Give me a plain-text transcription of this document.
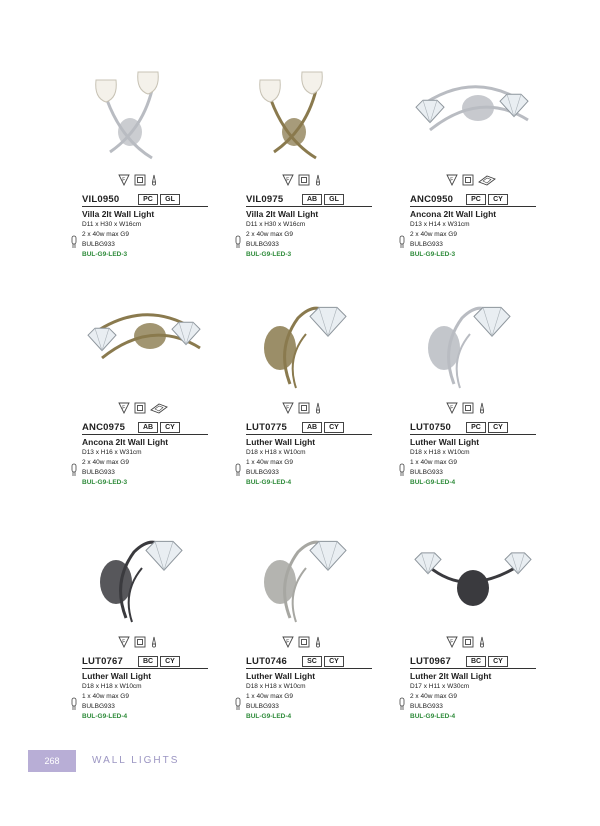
F
VIL0950	PC	GL
Villa 2lt Wall Light
D11 x H30 x W16cm
2 x 40w max G9
BULBG933
BUL-G9-LED-3
F
VIL0975	AB	GL
Villa 2lt Wall Light
D11 x H30 x W16cm
2 x 40w max G9
BULBG933
BUL-G9-LED-3
F
ANC0950	PC	CY
Ancona 2lt Wall Light
D13 x H14 x W31cm
2 x 40w max G9
BULBG933
BUL-G9-LED-3
F
ANC0975	AB	CY
Ancona 2lt Wall Light
D13 x H16 x W31cm
2 x 40w max G9
BULBG933
BUL-G9-LED-3
F
LUT0775	AB	CY
Luther Wall Light
D18 x H18 x W10cm
1 x 40w max G9
BULBG933
BUL-G9-LED-4
F
LUT0750	PC	CY
Luther Wall Light
D18 x H18 x W10cm
1 x 40w max G9
BULBG933
BUL-G9-LED-4
F
LUT0767	BC	CY
Luther Wall Light
D18 x H18 x W10cm
1 x 40w max G9
BULBG933
BUL-G9-LED-4
F
LUT0746	SC	CY
Luther Wall Light
D18 x H18 x W10cm
1 x 40w max G9
BULBG933
BUL-G9-LED-4
F
LUT0967	BC	CY
Luther 2lt Wall Light
D17 x H11 x W30cm
2 x 40w max G9
BULBG933
BUL-G9-LED-4
268	WALL LIGHTS
